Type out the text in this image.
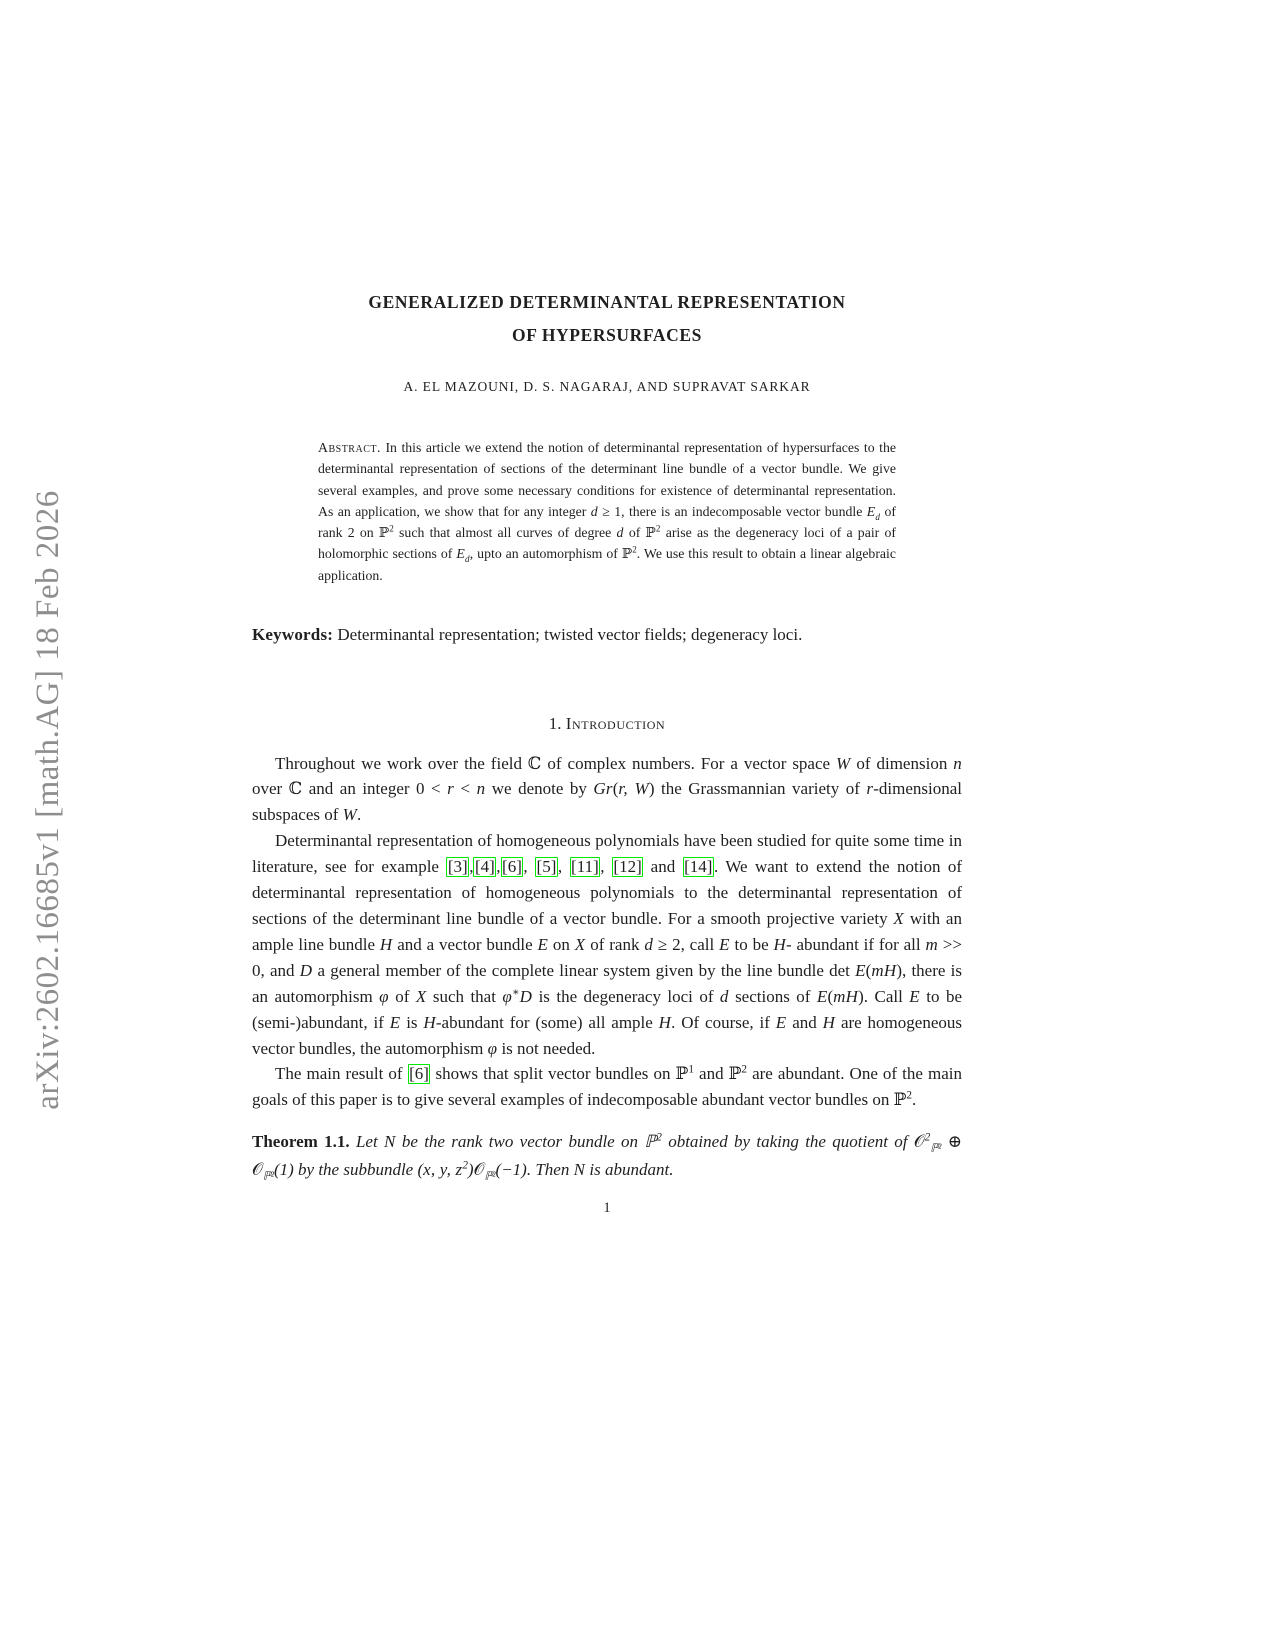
arXiv:2602.16685v1 [math.AG] 18 Feb 2026
GENERALIZED DETERMINANTAL REPRESENTATION
OF HYPERSURFACES
A. EL MAZOUNI, D. S. NAGARAJ, AND SUPRAVAT SARKAR
Abstract. In this article we extend the notion of determinantal representation of hypersurfaces to the determinantal representation of sections of the determinant line bundle of a vector bundle. We give several examples, and prove some necessary conditions for existence of determinantal representation. As an application, we show that for any integer d ≥ 1, there is an indecomposable vector bundle $E_d$ of rank 2 on ℙ$^2$ such that almost all curves of degree d of ℙ$^2$ arise as the degeneracy loci of a pair of holomorphic sections of $E_d$, upto an automorphism of ℙ$^2$. We use this result to obtain a linear algebraic application.
Keywords: Determinantal representation; twisted vector fields; degeneracy loci.
1. Introduction

Throughout we work over the field ℂ of complex numbers. For a vector space W of dimension n over ℂ and an integer 0 < r < n we denote by Gr(r, W) the Grassmannian variety of r-dimensional subspaces of W.

Determinantal representation of homogeneous polynomials have been studied for quite some time in literature, see for example [3],[4],[6], [5], [11], [12] and [14]. We want to extend the notion of determinantal representation of homogeneous polynomials to the determinantal representation of sections of the determinant line bundle of a vector bundle. For a smooth projective variety X with an ample line bundle H and a vector bundle E on X of rank d ≥ 2, call E to be H- abundant if for all m >> 0, and D a general member of the complete linear system given by the line bundle det E(mH), there is an automorphism φ of X such that φ∗D is the degeneracy loci of d sections of E(mH). Call E to be (semi-)abundant, if E is H-abundant for (some) all ample H. Of course, if E and H are homogeneous vector bundles, the automorphism φ is not needed.

The main result of [6] shows that split vector bundles on ℙ$^1$ and ℙ$^2$ are abundant. One of the main goals of this paper is to give several examples of indecomposable abundant vector bundles on ℙ$^2$.

Theorem 1.1. Let N be the rank two vector bundle on ℙ$^2$ obtained by taking the quotient of 𝒪$^2_{ℙ^2}$ ⊕ 𝒪$_{ℙ^2}$(1) by the subbundle (x, y, $z^2)𝒪_{ℙ^2}(-1)$. Then N is abundant.
1
